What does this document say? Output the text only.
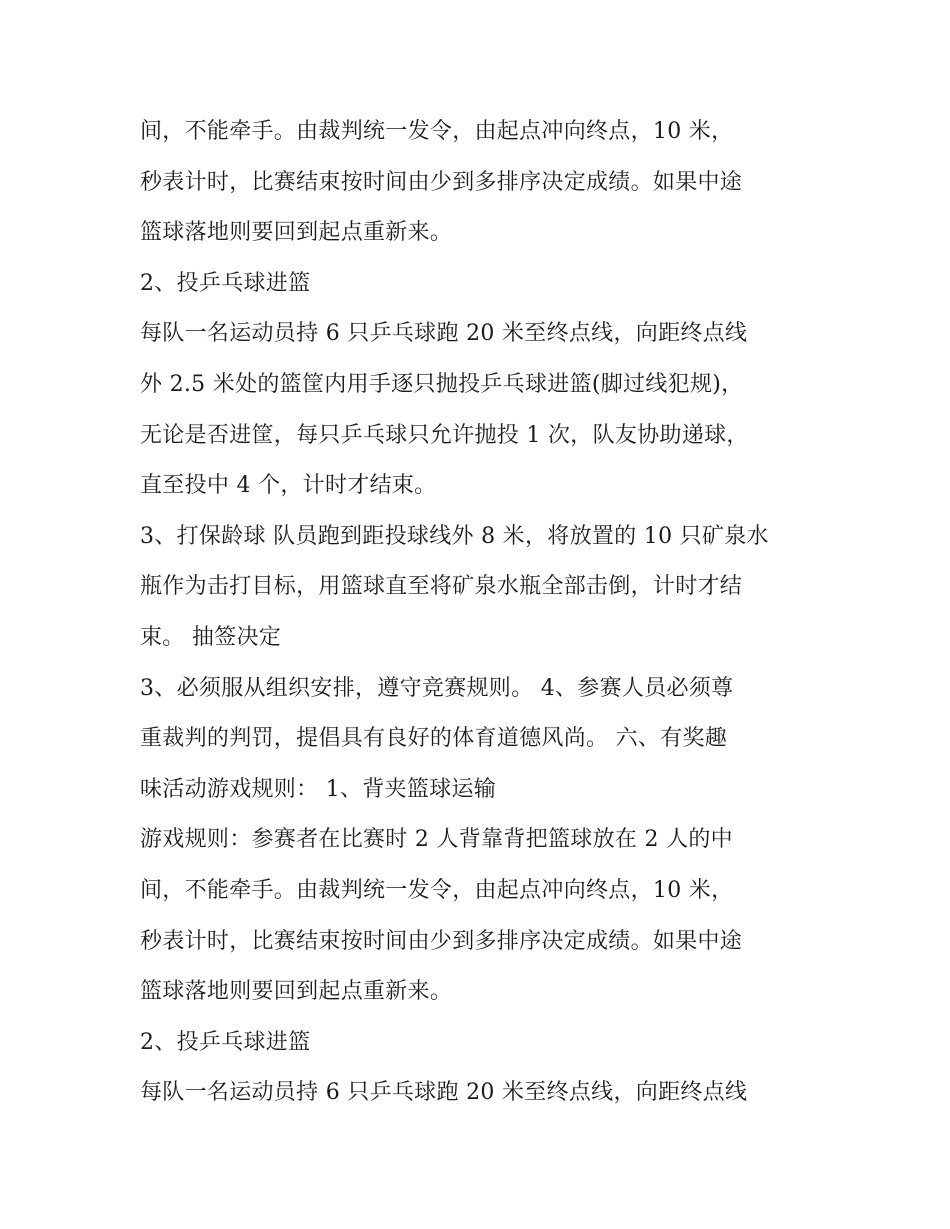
间，不能牵手。由裁判统一发令，由起点冲向终点，10 米，
秒表计时，比赛结束按时间由少到多排序决定成绩。如果中途
篮球落地则要回到起点重新来。
2、投乒乓球进篮
每队一名运动员持 6 只乒乓球跑 20 米至终点线，向距终点线
外 2.5 米处的篮筐内用手逐只抛投乒乓球进篮(脚过线犯规)，
无论是否进筐，每只乒乓球只允许抛投 1 次，队友协助递球，
直至投中 4 个，计时才结束。
3、打保龄球 队员跑到距投球线外 8 米，将放置的 10 只矿泉水
瓶作为击打目标，用篮球直至将矿泉水瓶全部击倒，计时才结
束。 抽签决定
3、必须服从组织安排，遵守竞赛规则。 4、参赛人员必须尊
重裁判的判罚，提倡具有良好的体育道德风尚。 六、有奖趣
味活动游戏规则： 1、背夹篮球运输
游戏规则：参赛者在比赛时 2 人背靠背把篮球放在 2 人的中
间，不能牵手。由裁判统一发令，由起点冲向终点，10 米，
秒表计时，比赛结束按时间由少到多排序决定成绩。如果中途
篮球落地则要回到起点重新来。
2、投乒乓球进篮
每队一名运动员持 6 只乒乓球跑 20 米至终点线，向距终点线
